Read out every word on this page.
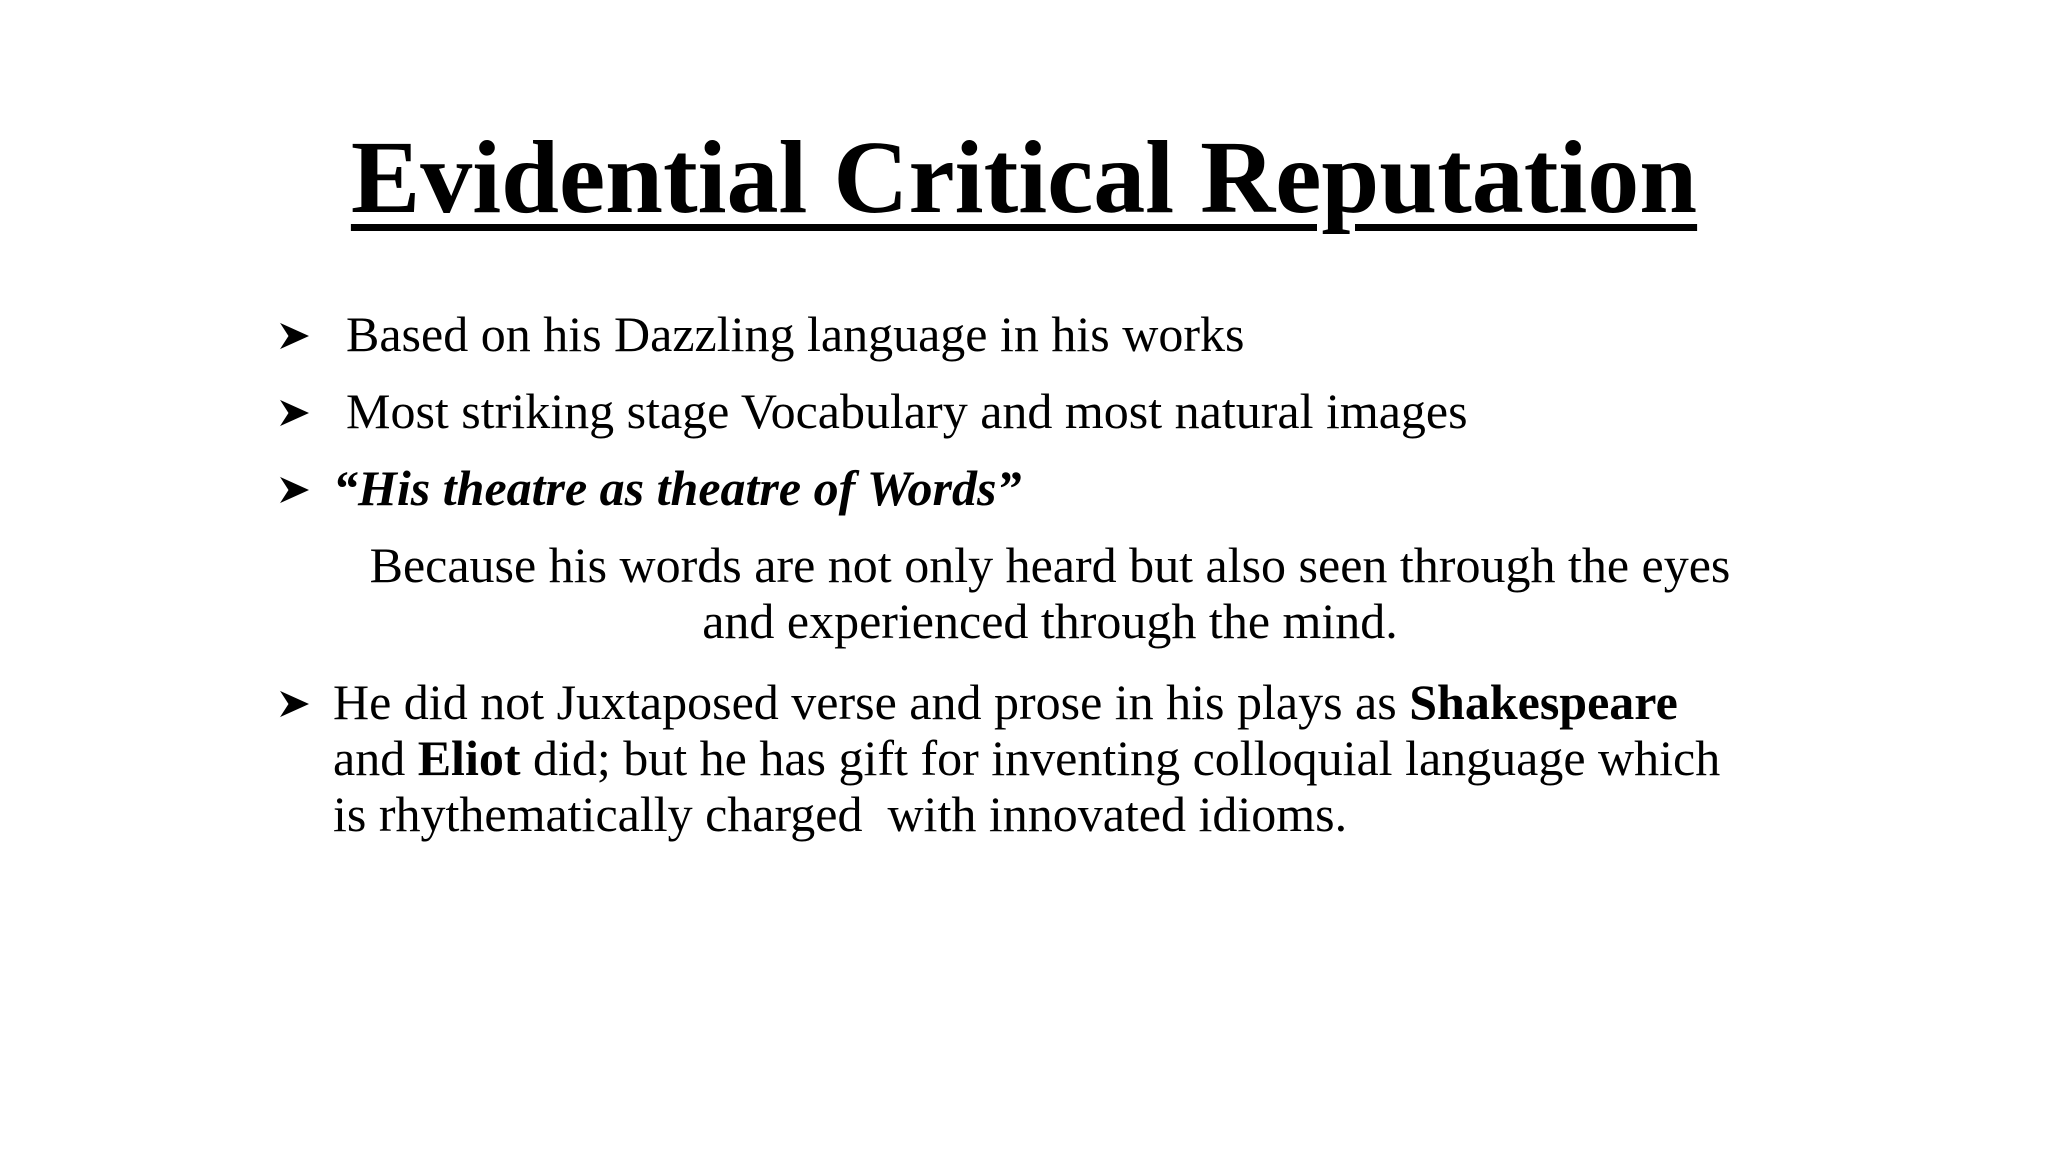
Evidential Critical Reputation
Based on his Dazzling language in his works
Most striking stage Vocabulary and most natural images
“His theatre as theatre of Words”
Because his words are not only heard but also seen through the eyes
and experienced through the mind.
He did not Juxtaposed verse and prose in his plays as Shakespeare
and Eliot did; but he has gift for inventing colloquial language which
is rhythematically charged  with innovated idioms.
